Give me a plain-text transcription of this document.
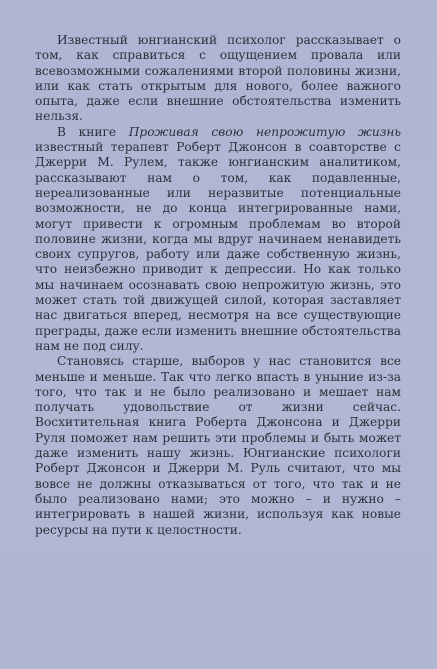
Известный юнгианский психолог рассказывает о том, как справиться с ощущением провала или всевозможными сожалениями второй половины жизни, или как стать открытым для нового, более важного опыта, даже если внешние обстоятельства изменить нельзя.

В книге Проживая свою непрожитую жизнь известный терапевт Роберт Джонсон в соавторстве с Джерри М. Рулем, также юнгианским аналитиком, рассказывают нам о том, как подавленные, нереализованные или неразвитые потенциальные возможности, не до конца интегрированные нами, могут привести к огромным проблемам во второй половине жизни, когда мы вдруг начинаем ненавидеть своих супругов, работу или даже собственную жизнь, что неизбежно приводит к депрессии. Но как только мы начинаем осознавать свою непрожитую жизнь, это может стать той движущей силой, которая заставляет нас двигаться вперед, несмотря на все существующие преграды, даже если изменить внешние обстоятельства нам не под силу.

Становясь старше, выборов у нас становится все меньше и меньше. Так что легко впасть в уныние из-за того, что так и не было реализовано и мешает нам получать удовольствие от жизни сейчас. Восхитительная книга Роберта Джонсона и Джерри Руля поможет нам решить эти проблемы и быть может даже изменить нашу жизнь. Юнгианские психологи Роберт Джонсон и Джерри М. Руль считают, что мы вовсе не должны отказываться от того, что так и не было реализовано нами; это можно – и нужно – интегрировать в нашей жизни, используя как новые ресурсы на пути к целостности.
